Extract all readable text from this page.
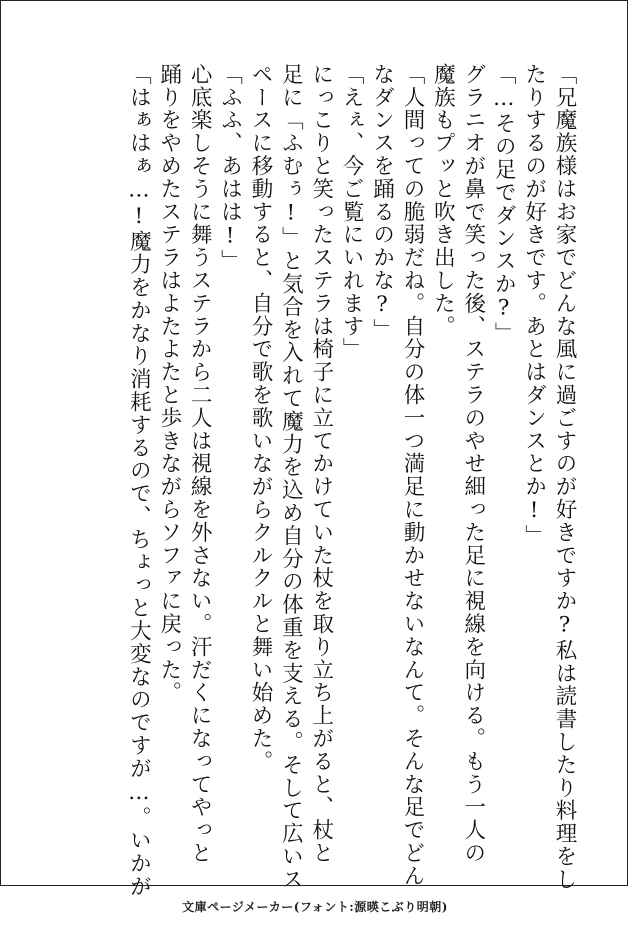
「兄魔族様はお家でどんな風に過ごすのが好きですか?私は読書したり料理をし
たりするのが好きです。あとはダンスとか!」
「…その足でダンスか?」
グラニオが鼻で笑った後、ステラのやせ細った足に視線を向ける。もう一人の
魔族もプッと吹き出した。
「人間っての脆弱だね。自分の体一つ満足に動かせないなんて。そんな足でどん
なダンスを踊るのかな?」
「えぇ、今ご覧にいれます」
にっこりと笑ったステラは椅子に立てかけていた杖を取り立ち上がると、杖と
足に「ふむぅ!」と気合を入れて魔力を込め自分の体重を支える。そして広いス
ペースに移動すると、自分で歌を歌いながらクルクルと舞い始めた。
「ふふ、あはは!」
心底楽しそうに舞うステラから二人は視線を外さない。汗だくになってやっと
踊りをやめたステラはよたよたと歩きながらソファに戻った。
「はぁはぁ…!魔力をかなり消耗するので、ちょっと大変なのですが…。いかが
文庫ページメーカー(フォント:源暎こぶり明朝)
